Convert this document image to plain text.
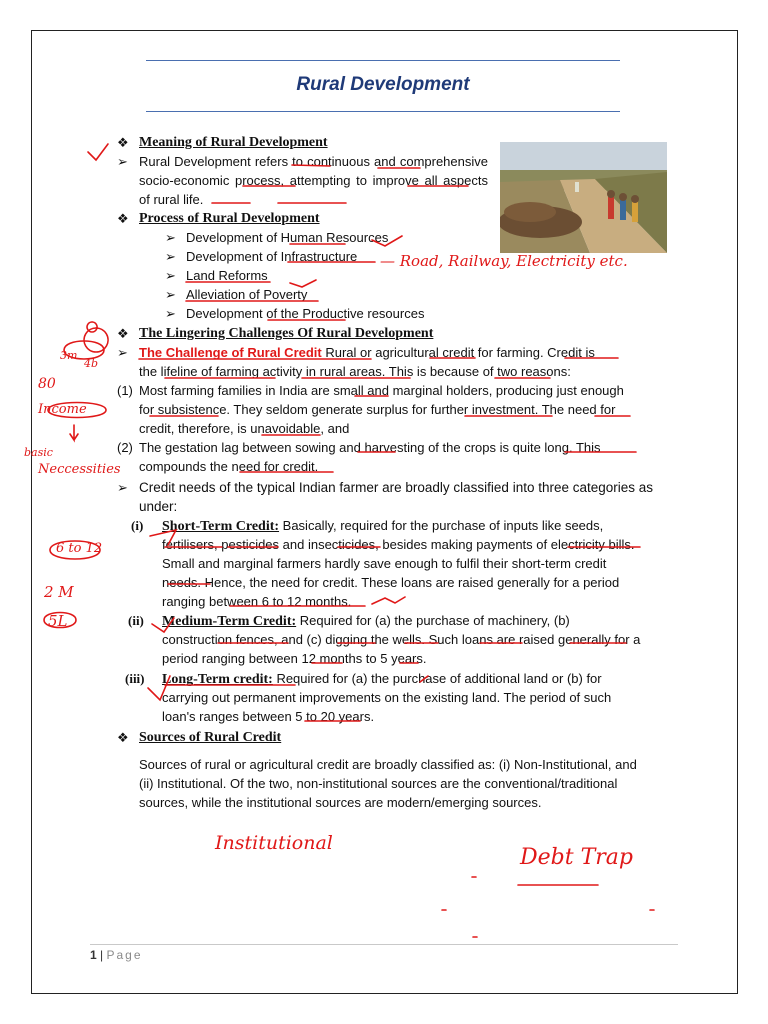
Rural Development
❖ Meaning of Rural Development
➢ Rural Development refers to continuous and comprehensive socio-economic process, attempting to improve all aspects of rural life.
❖ Process of Rural Development
➢ Development of Human Resources
➢ Development of Infrastructure
➢ Land Reforms
➢ Alleviation of Poverty
➢ Development of the Productive resources
❖ The Lingering Challenges Of Rural Development
➢ The Challenge of Rural Credit Rural or agricultural credit for farming. Credit is
the lifeline of farming activity in rural areas. This is because of two reasons:
(1) Most farming families in India are small and marginal holders, producing just enough
for subsistence. They seldom generate surplus for further investment. The need for
credit, therefore, is unavoidable, and
(2) The gestation lag between sowing and harvesting of the crops is quite long. This
compounds the need for credit.
➢ Credit needs of the typical Indian farmer are broadly classified into three categories as
under:
(i) Short-Term Credit: Basically, required for the purchase of inputs like seeds,
fertilisers, pesticides and insecticides, besides making payments of electricity bills.
Small and marginal farmers hardly save enough to fulfil their short-term credit
needs. Hence, the need for credit. These loans are raised generally for a period
ranging between 6 to 12 months.
(ii) Medium-Term Credit: Required for (a) the purchase of machinery, (b)
construction fences, and (c) digging the wells. Such loans are raised generally for a
period ranging between 12 months to 5 years.
(iii) Long-Term credit: Required for (a) the purchase of additional land or (b) for
carrying out permanent improvements on the existing land. The period of such
loan's ranges between 5 to 20 years.
❖ Sources of Rural Credit
Sources of rural or agricultural credit are broadly classified as: (i) Non-Institutional, and
(ii) Institutional. Of the two, non-institutional sources are the conventional/traditional
sources, while the institutional sources are modern/emerging sources.
— Road, Railway, Electricity etc.
Institutional
Debt Trap
3m
4b
80
Income
basic
Neccessities
6 to 12
2 M
5L
1 | Page
